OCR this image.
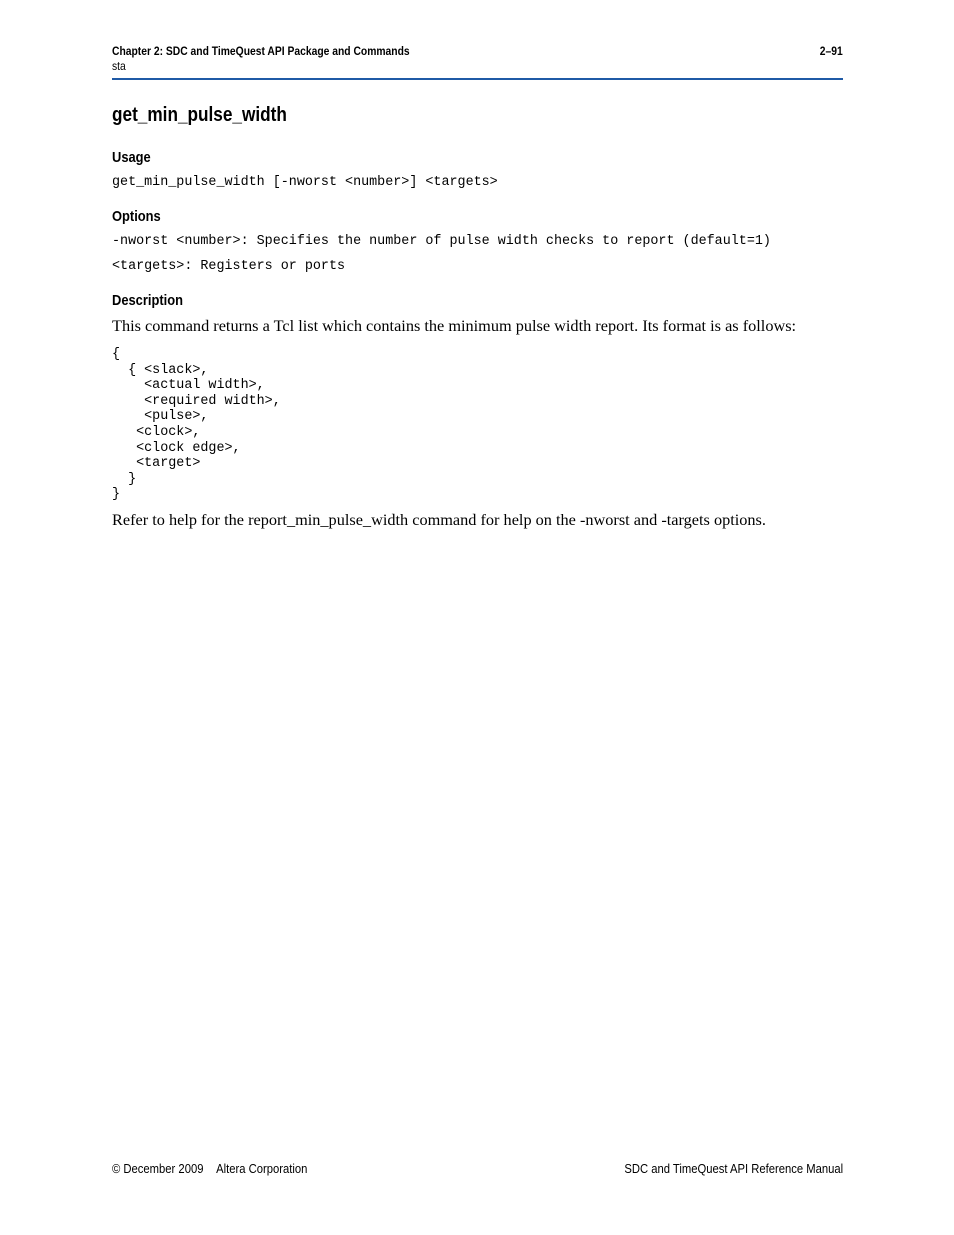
Chapter 2: SDC and TimeQuest API Package and Commands	2–91
sta
get_min_pulse_width
Usage
get_min_pulse_width [-nworst <number>] <targets>
Options
-nworst <number>: Specifies the number of pulse width checks to report (default=1)
<targets>: Registers or ports
Description
This command returns a Tcl list which contains the minimum pulse width report. Its format is as follows:
{
{ <slack>,
<actual width>,
<required width>,
<pulse>,
<clock>,
<clock edge>,
<target>
}
}
Refer to help for the report_min_pulse_width command for help on the -nworst and -targets options.
© December 2009 Altera Corporation	SDC and TimeQuest API Reference Manual
